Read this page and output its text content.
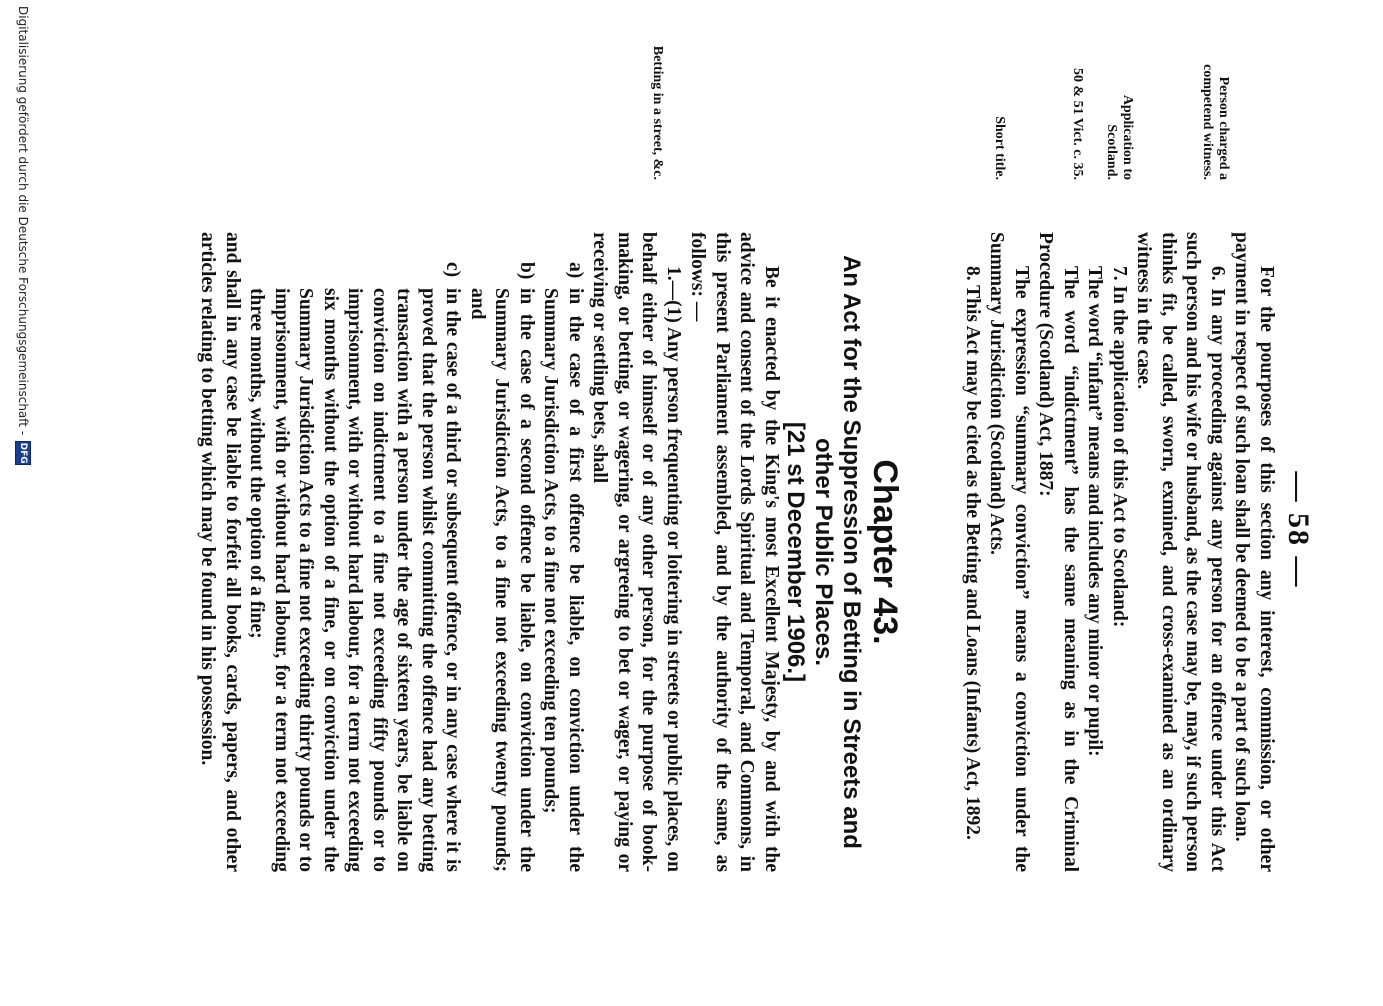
— 58 —

For the pourposes of this section any interest, commission, or other payment in respect of such loan shall be deemed to be a part of such loan.

6. In any proceeding against any person for an offence under this Act such person and his wife or husband, as the case may be, may, if such person thinks fit, be called, sworn, exmined, and cross-examined as an ordinary witness in the case.

7. In the application of this Act to Scotland:

The word “infant” means and includes any minor or pupil:

The word “indictment” has the same meaning as in the Criminal Procedure (Scotland) Act, 1887:

The expression “summary conviction” means a conviction under the Summary Jurisdiction (Scotland) Acts.

8. This Act may be cited as the Betting and Loans (Infants) Act, 1892.

Person charged a competend witness.
Application to Scotland.
50 & 51 Vict. c. 35.
Short title.
Chapter 43.
An Act for the Suppression of Betting in Streets and other Public Places.
[21 st December 1906.]

Be it enacted by the King's most Excellent Majesty, by and with the advice and consent of the Lords Spiritual and Temporal, and Commons, in this present Parliament assembled, and by the authority of the same, as follows: —

1.—(1) Any person frequenting or loitering in streets or public places, on behalf either of himself or of any other person, for the purpose of book-making, or betting, or wagering, or argreeing to bet or wager, or paying or receiving or settling bets, shall

a)
in the case of a first offence be liable, on conviction under the Summary Jurisdiction Acts, to a fine not exceeding ten pounds;
b)
in the case of a second offence be liable, on conviction under the Summary Jurisdiction Acts, to a fine not exceeding twenty pounds; and
c)
in the case of a third or subsequent offence, or in any case where it is proved that the person whilst committing the offence had any betting transaction with a person under the age of sixteen years, be liable on conviction on indictment to a fine not exceeding fifty pounds or to imprisonment, with or without hard labour, for a term not exceeding six months without the option of a fine, or on conviction under the Summary Jurisdiction Acts to a fine not exceeding thirty pounds or to imprisonment, with or without hard labour, for a term not exceeding three months, without the option of a fine;

and shall in any case be liable to forfeit all books, cards, papers, and other articles relating to betting which may be found in his possession.

Betting in a street, &c.
Digitalisierung gefördert durch die Deutsche Forschungsgemeinschaft -
DFG
